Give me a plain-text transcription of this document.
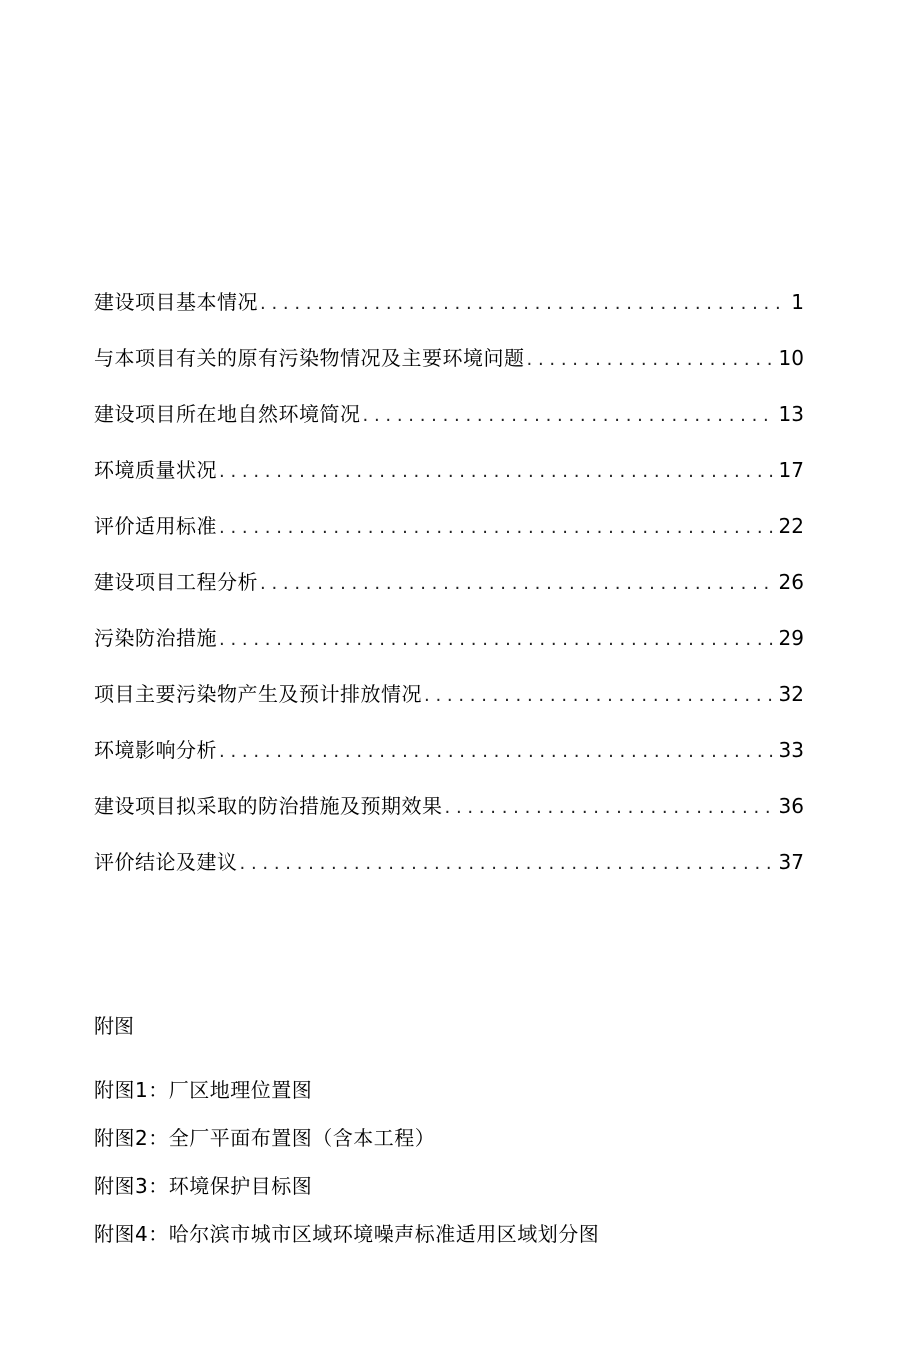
建设项目基本情况 . . .	1
与本项目有关的原有污染物情况及主要环境问题 . . .	10
建设项目所在地自然环境简况 . . .	13
环境质量状况 . . .	17
评价适用标准 . . .	22
建设项目工程分析 . . .	26
污染防治措施 . . .	29
项目主要污染物产生及预计排放情况 . . .	32
环境影响分析 . . .	33
建设项目拟采取的防治措施及预期效果 . . .	36
评价结论及建议 . . .	37
附图
附图1：厂区地理位置图
附图2：全厂平面布置图（含本工程）
附图3：环境保护目标图
附图4：哈尔滨市城市区域环境噪声标准适用区域划分图
